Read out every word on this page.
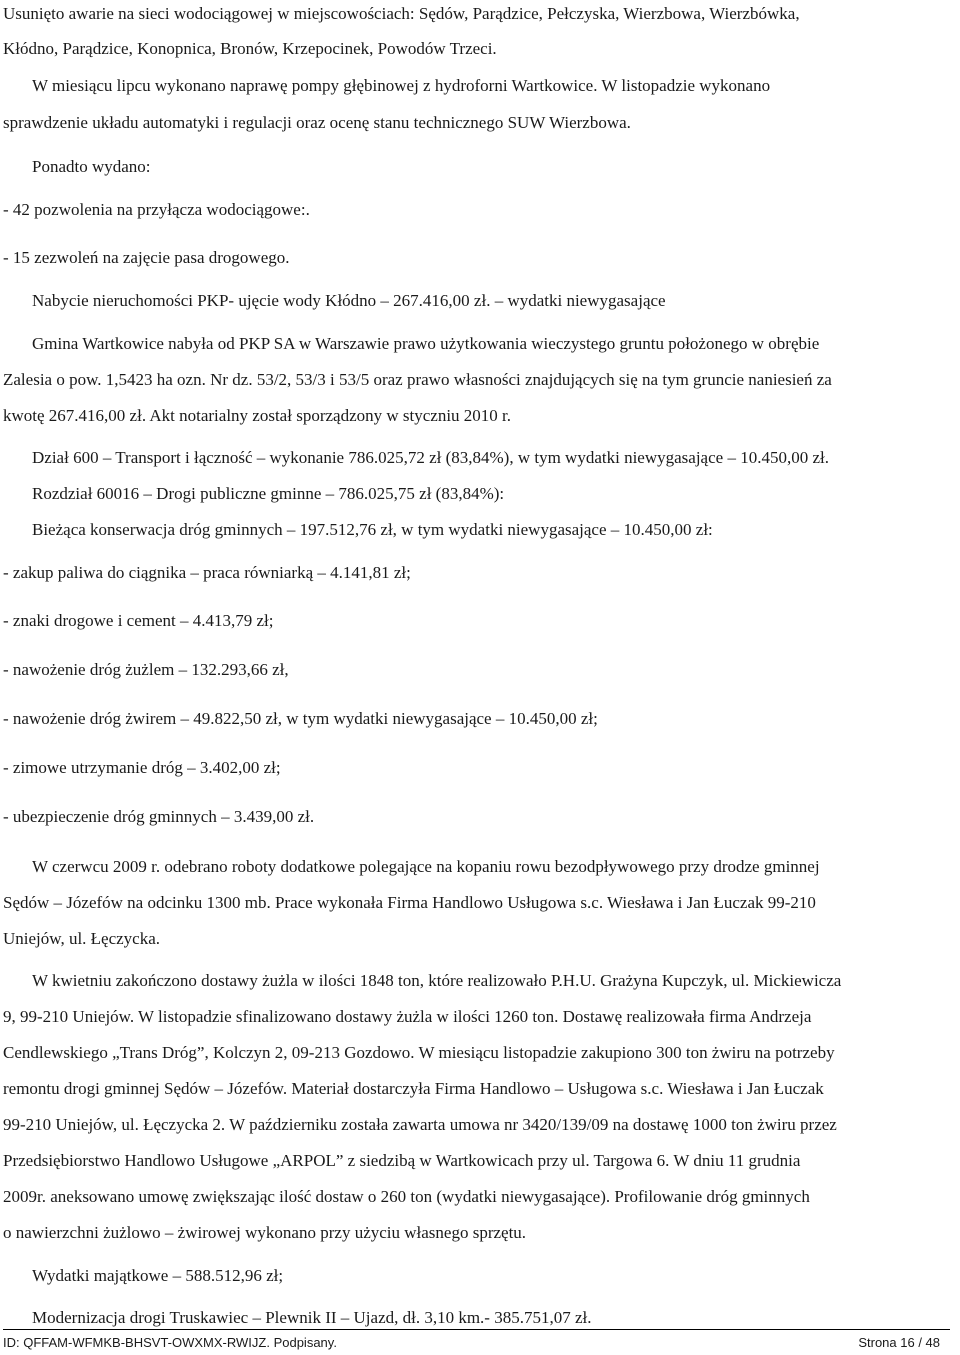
Usunięto awarie na sieci wodociągowej w miejscowościach: Sędów, Parądzice, Pełczyska, Wierzbowa, Wierzbówka,
Kłódno, Parądzice, Konopnica, Bronów, Krzepocinek, Powodów Trzeci.
W miesiącu lipcu wykonano naprawę pompy głębinowej z hydroforni Wartkowice. W listopadzie wykonano
sprawdzenie układu automatyki i regulacji oraz ocenę stanu technicznego SUW Wierzbowa.
Ponadto wydano:
- 42 pozwolenia na przyłącza wodociągowe:.
- 15 zezwoleń na zajęcie pasa drogowego.
Nabycie nieruchomości PKP- ujęcie wody Kłódno – 267.416,00 zł. – wydatki niewygasające
Gmina Wartkowice nabyła od PKP SA w Warszawie prawo użytkowania wieczystego gruntu położonego w obrębie
Zalesia o pow. 1,5423 ha ozn. Nr dz. 53/2, 53/3 i 53/5 oraz prawo własności znajdujących się na tym gruncie naniesień za
kwotę 267.416,00 zł. Akt notarialny został sporządzony w styczniu 2010 r.
Dział 600 – Transport i łączność – wykonanie 786.025,72 zł (83,84%), w tym wydatki niewygasające – 10.450,00 zł.
Rozdział 60016 – Drogi publiczne gminne – 786.025,75 zł (83,84%):
Bieżąca konserwacja dróg gminnych – 197.512,76 zł, w tym wydatki niewygasające – 10.450,00 zł:
- zakup paliwa do ciągnika – praca równiarką – 4.141,81 zł;
- znaki drogowe i cement – 4.413,79 zł;
- nawożenie dróg żużlem – 132.293,66 zł,
- nawożenie dróg żwirem – 49.822,50 zł, w tym wydatki niewygasające – 10.450,00 zł;
- zimowe utrzymanie dróg – 3.402,00 zł;
- ubezpieczenie dróg gminnych – 3.439,00 zł.
W czerwcu 2009 r. odebrano roboty dodatkowe polegające na kopaniu rowu bezodpływowego przy drodze gminnej
Sędów – Józefów na odcinku 1300 mb. Prace wykonała Firma Handlowo Usługowa s.c. Wiesława i Jan Łuczak 99-210
Uniejów, ul. Łęczycka.
W kwietniu zakończono dostawy żużla w ilości 1848 ton, które realizowało P.H.U. Grażyna Kupczyk, ul. Mickiewicza
9, 99-210 Uniejów. W listopadzie sfinalizowano dostawy żużla w ilości 1260 ton. Dostawę realizowała firma Andrzeja
Cendlewskiego „Trans Dróg”, Kolczyn 2, 09-213 Gozdowo. W miesiącu listopadzie zakupiono 300 ton żwiru na potrzeby
remontu drogi gminnej Sędów – Józefów. Materiał dostarczyła Firma Handlowo – Usługowa s.c. Wiesława i Jan Łuczak
99-210 Uniejów, ul. Łęczycka 2. W październiku została zawarta umowa nr 3420/139/09 na dostawę 1000 ton żwiru przez
Przedsiębiorstwo Handlowo Usługowe „ARPOL” z siedzibą w Wartkowicach przy ul. Targowa 6. W dniu 11 grudnia
2009r. aneksowano umowę zwiększając ilość dostaw o 260 ton (wydatki niewygasające). Profilowanie dróg gminnych
o nawierzchni żużlowo – żwirowej wykonano przy użyciu własnego sprzętu.
Wydatki majątkowe – 588.512,96 zł;
Modernizacja drogi Truskawiec – Plewnik II – Ujazd, dł. 3,10 km.- 385.751,07 zł.
ID: QFFAM-WFMKB-BHSVT-OWXMX-RWIJZ. Podpisany.	Strona 16 / 48
